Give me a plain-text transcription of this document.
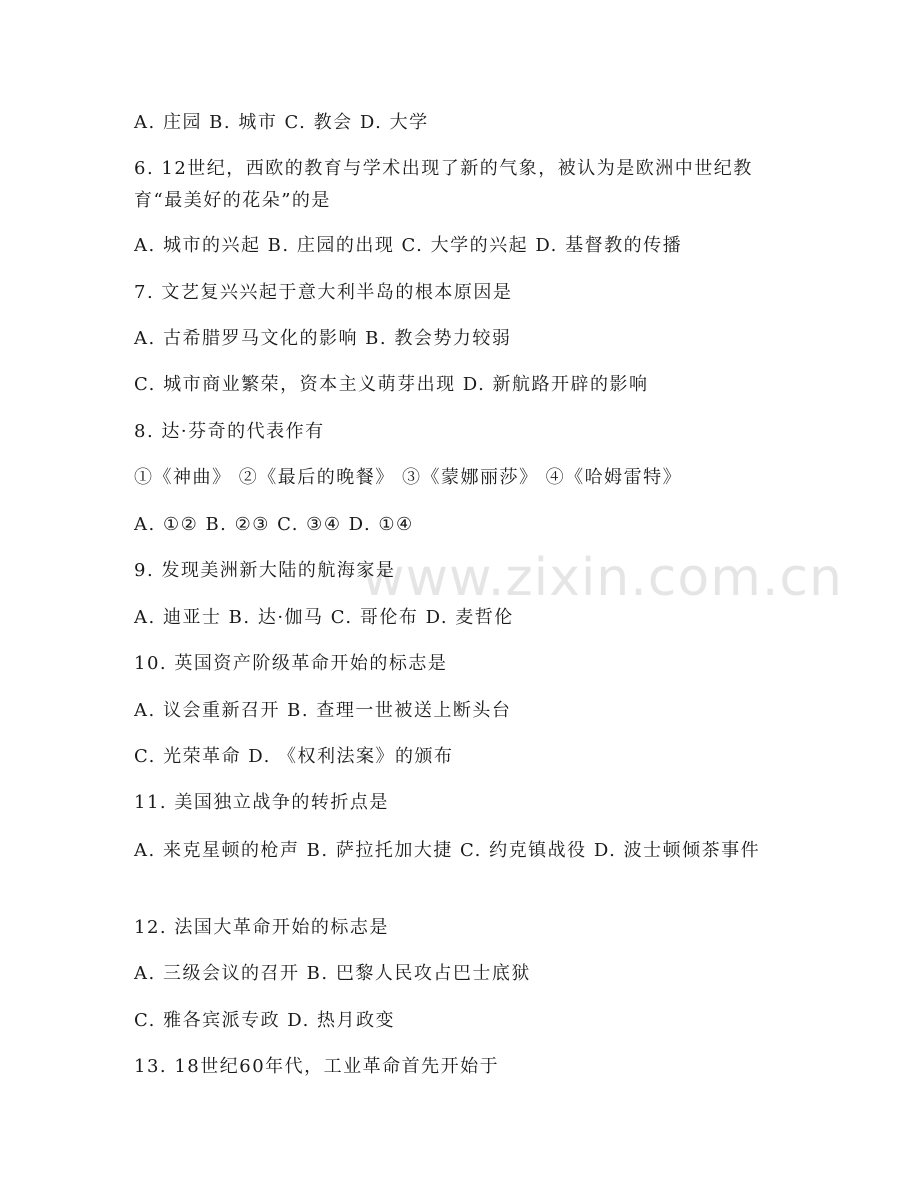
A. 庄园 B. 城市 C. 教会 D. 大学
6. 12世纪，西欧的教育与学术出现了新的气象，被认为是欧洲中世纪教育“最美好的花朵”的是
A. 城市的兴起 B. 庄园的出现 C. 大学的兴起 D. 基督教的传播
7. 文艺复兴兴起于意大利半岛的根本原因是
A. 古希腊罗马文化的影响 B. 教会势力较弱
C. 城市商业繁荣，资本主义萌芽出现 D. 新航路开辟的影响
8. 达·芬奇的代表作有
①《神曲》 ②《最后的晚餐》 ③《蒙娜丽莎》 ④《哈姆雷特》
A. ①② B. ②③ C. ③④ D. ①④
9. 发现美洲新大陆的航海家是
A. 迪亚士 B. 达·伽马 C. 哥伦布 D. 麦哲伦
10. 英国资产阶级革命开始的标志是
A. 议会重新召开 B. 查理一世被送上断头台
C. 光荣革命 D. 《权利法案》的颁布
11. 美国独立战争的转折点是
A. 来克星顿的枪声 B. 萨拉托加大捷 C. 约克镇战役 D. 波士顿倾茶事件
12. 法国大革命开始的标志是
A. 三级会议的召开 B. 巴黎人民攻占巴士底狱
C. 雅各宾派专政 D. 热月政变
13. 18世纪60年代，工业革命首先开始于
www.zixin.com.cn
